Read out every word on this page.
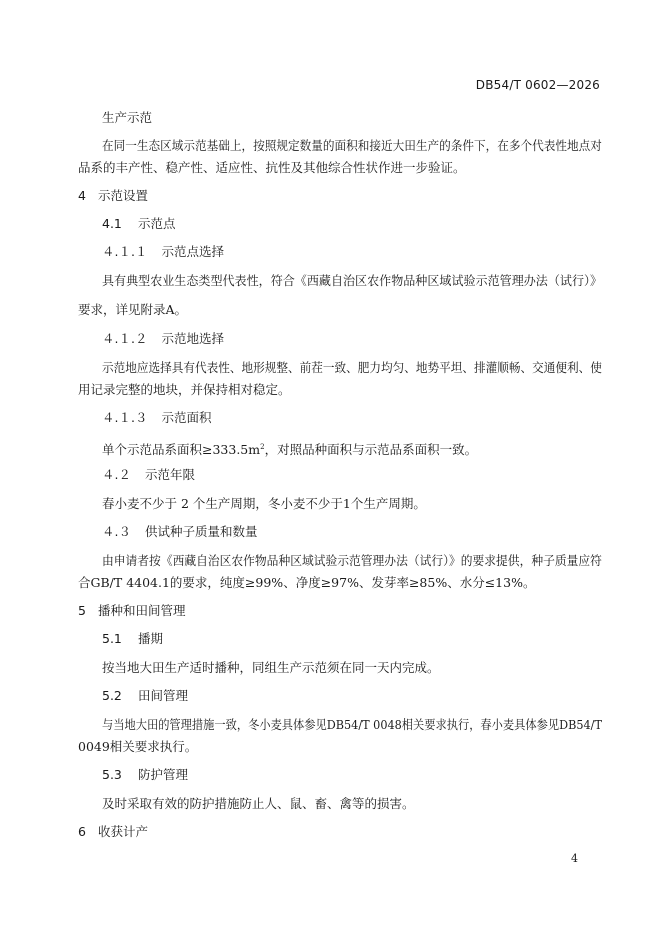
DB54/T 0602—2026
生产示范
在同一生态区域示范基础上，按照规定数量的面积和接近大田生产的条件下，在多个代表性地点对
品系的丰产性、稳产性、适应性、抗性及其他综合性状作进一步验证。
4 示范设置
4.1 示范点
４.１.１ 示范点选择
具有典型农业生态类型代表性，符合《西藏自治区农作物品种区域试验示范管理办法（试行）》
要求，详见附录A。
４.１.２ 示范地选择
示范地应选择具有代表性、地形规整、前茬一致、肥力均匀、地势平坦、排灌顺畅、交通便利、使
用记录完整的地块，并保持相对稳定。
４.１.３ 示范面积
单个示范品系面积$\ge 333.5m^2$，对照品种面积与示范品系面积一致。
４.２ 示范年限
春小麦不少于 2 个生产周期，冬小麦不少于1个生产周期。
４.３ 供试种子质量和数量
由申请者按《西藏自治区农作物品种区域试验示范管理办法（试行）》的要求提供，种子质量应符
合GB/T 4404.1的要求，纯度≥99%、净度≥97%、发芽率≥85%、水分≤13%。
5 播种和田间管理
5.1 播期
按当地大田生产适时播种，同组生产示范须在同一天内完成。
5.2 田间管理
与当地大田的管理措施一致，冬小麦具体参见DB54/T 0048相关要求执行，春小麦具体参见DB54/T
0049相关要求执行。
5.3 防护管理
及时采取有效的防护措施防止人、鼠、畜、禽等的损害。
6 收获计产
4
